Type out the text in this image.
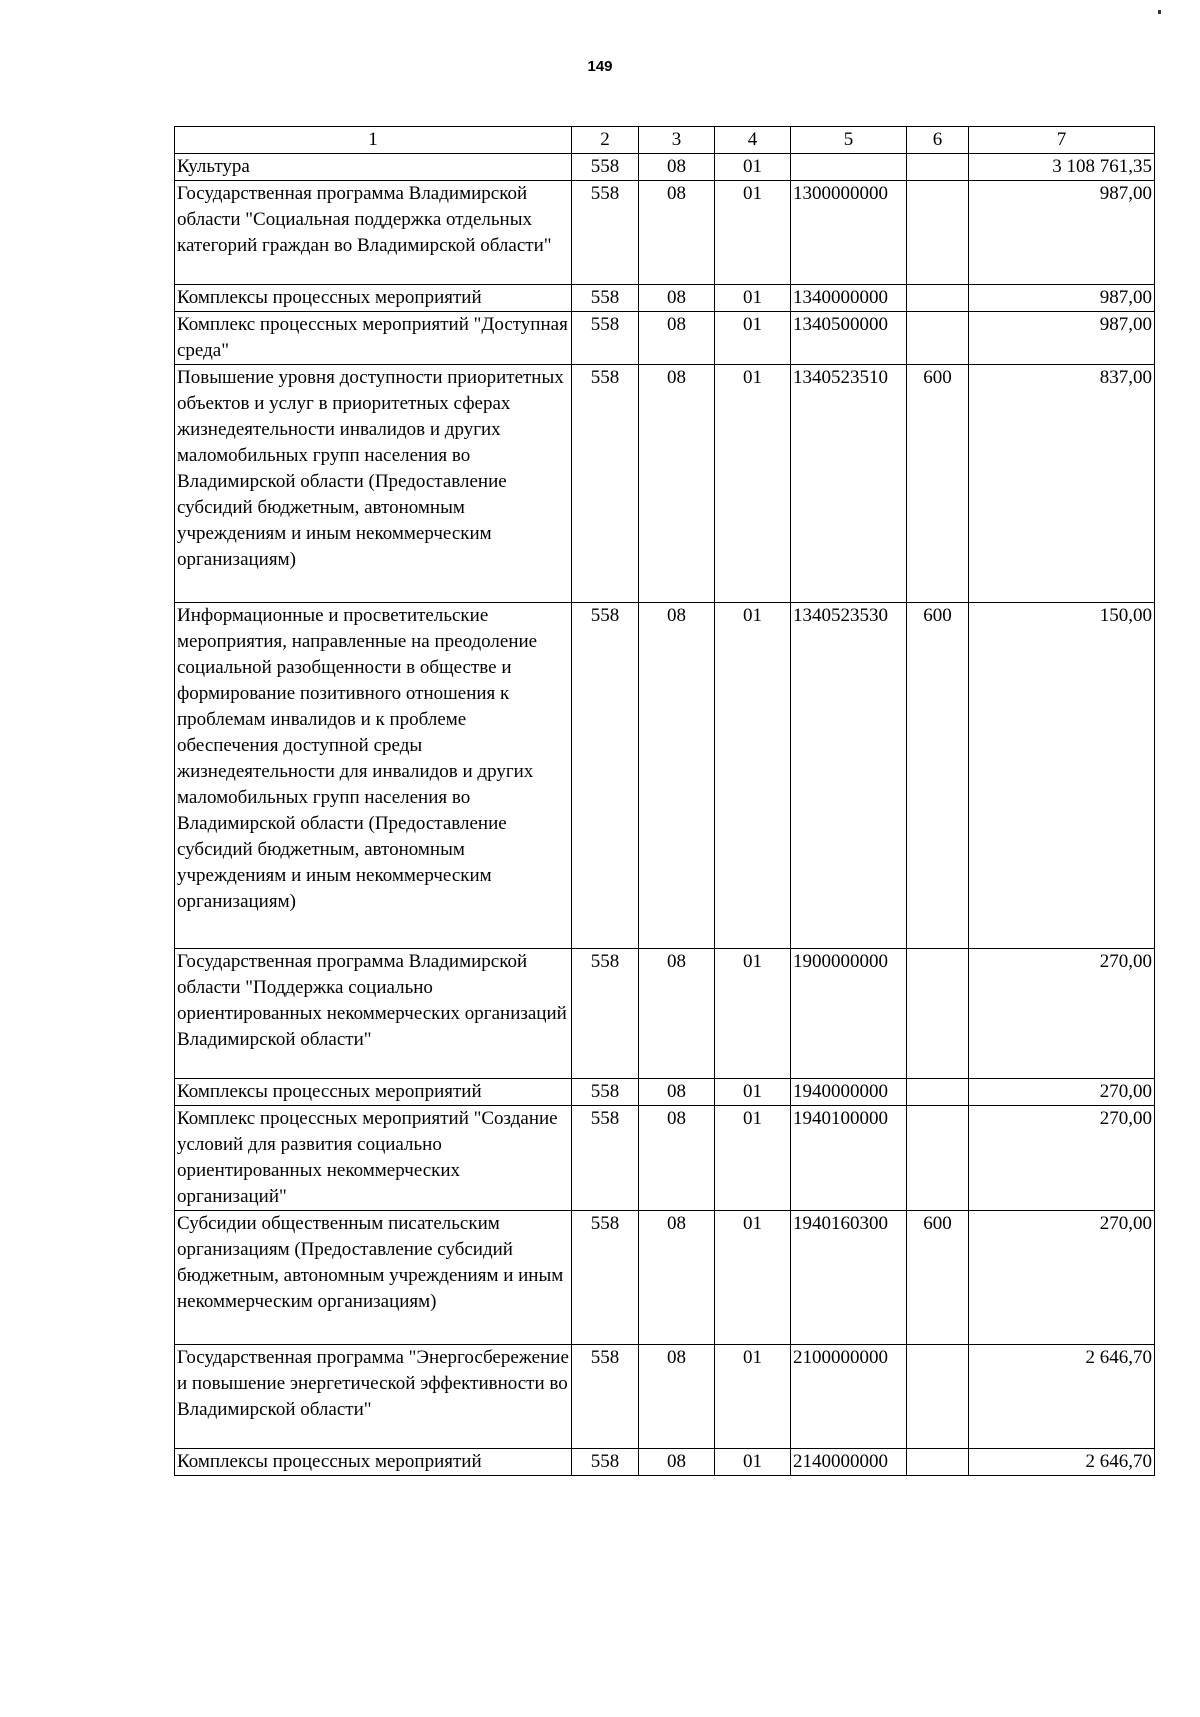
149
1	2	3	4	5	6	7
Культура	558	08	01			3 108 761,35
Государственная программа Владимирской области "Социальная поддержка отдельных категорий граждан во Владимирской области"	558	08	01	1300000000		987,00
Комплексы процессных мероприятий	558	08	01	1340000000		987,00
Комплекс процессных мероприятий "Доступная среда"	558	08	01	1340500000		987,00
Повышение уровня доступности приоритетных объектов и услуг в приоритетных сферах жизнедеятельности инвалидов и других маломобильных групп населения во Владимирской области (Предоставление субсидий бюджетным, автономным учреждениям и иным некоммерческим организациям)	558	08	01	1340523510	600	837,00
Информационные и просветительские мероприятия, направленные на преодоление социальной разобщенности в обществе и формирование позитивного отношения к проблемам инвалидов и к проблеме обеспечения доступной среды жизнедеятельности для инвалидов и других маломобильных групп населения во Владимирской области (Предоставление субсидий бюджетным, автономным учреждениям и иным некоммерческим организациям)	558	08	01	1340523530	600	150,00
Государственная программа Владимирской области "Поддержка социально ориентированных некоммерческих организаций Владимирской области"	558	08	01	1900000000		270,00
Комплексы процессных мероприятий	558	08	01	1940000000		270,00
Комплекс процессных мероприятий "Создание условий для развития социально ориентированных некоммерческих организаций"	558	08	01	1940100000		270,00
Субсидии общественным писательским организациям (Предоставление субсидий бюджетным, автономным учреждениям и иным некоммерческим организациям)	558	08	01	1940160300	600	270,00
Государственная программа "Энергосбережение и повышение энергетической эффективности во Владимирской области"	558	08	01	2100000000		2 646,70
Комплексы процессных мероприятий	558	08	01	2140000000		2 646,70
